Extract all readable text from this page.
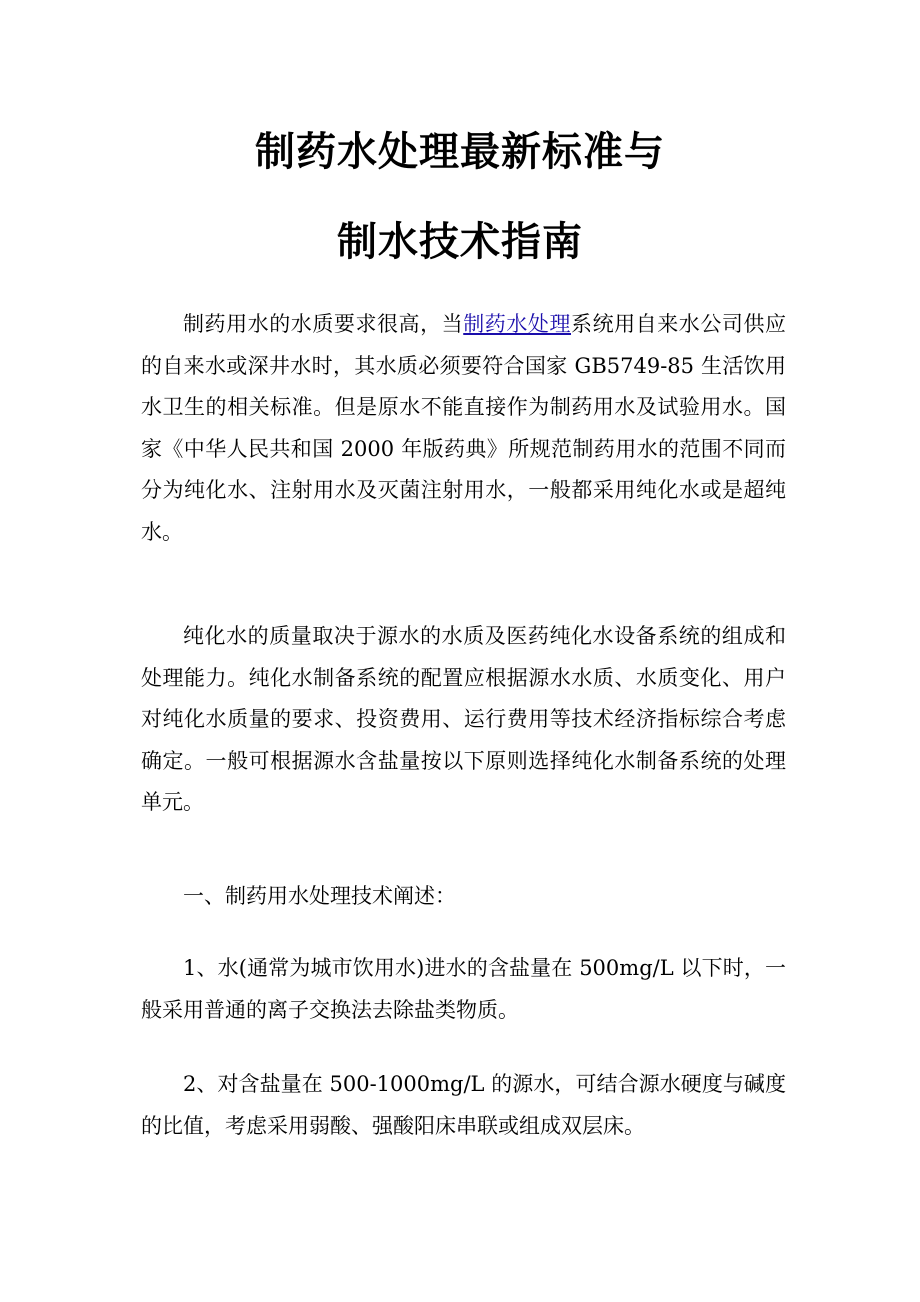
制药水处理最新标准与
制水技术指南

制药用水的水质要求很高，当制药水处理系统用自来水公司供应的自来水或深井水时，其水质必须要符合国家 GB5749-85 生活饮用水卫生的相关标准。但是原水不能直接作为制药用水及试验用水。国家《中华人民共和国 2000 年版药典》所规范制药用水的范围不同而分为纯化水、注射用水及灭菌注射用水，一般都采用纯化水或是超纯水。

纯化水的质量取决于源水的水质及医药纯化水设备系统的组成和处理能力。纯化水制备系统的配置应根据源水水质、水质变化、用户对纯化水质量的要求、投资费用、运行费用等技术经济指标综合考虑确定。一般可根据源水含盐量按以下原则选择纯化水制备系统的处理单元。

一、制药用水处理技术阐述：

1、水(通常为城市饮用水)进水的含盐量在 500mg/L 以下时，一般采用普通的离子交换法去除盐类物质。

2、对含盐量在 500-1000mg/L 的源水，可结合源水硬度与碱度的比值，考虑采用弱酸、强酸阳床串联或组成双层床。
